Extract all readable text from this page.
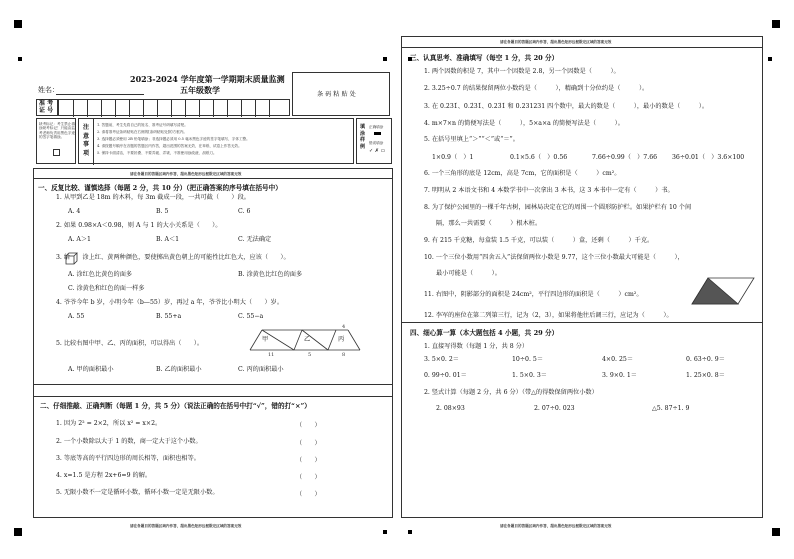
2023-2024 学年度第一学期期末质量监测
五年级数学
姓名：
条 码 粘 贴 处
准 考 证 号
缺考标记：考生禁止填涂缺考标记！只能由监考老师负责用黑色字迹的签字笔填涂。
注意事项
1. 答题前，考生先将自己的姓名、准考证号码填写清楚。
2. 请将准考证条码粘贴在右侧的[条码粘贴处]的方框内。
3. 选择题必须使用 2B 铅笔填涂；非选择题必须用 0.5 毫米黑色字迹的签字笔填写，字体工整。
4. 请按题号顺序在各题的答题区内作答，超出范围的答案无效，在草纸、试卷上作答无效。
5. 保持卡面清洁，不要折叠、不要弄破、弄皱，不准使用涂改液、刮纸刀。
填涂样例
正确填涂
错误填涂
✓ ✗ ▭
请在各题目的答题区域内作答，超出黑色矩形边框限定区域的答案无效
一、反复比较、谨慎选择（每题 2 分，共 10 分）（把正确答案的序号填在括号中）
1. 从甲到乙是 18m 的木料，每 3m 截成一段，一共可截（　　）段。
A. 4	B. 5	C. 6
2. 如果 0.98×A＜0.98，则 A 与 1 的大小关系是（　　）。
A. A＞1	B. A＜1	C. 无法确定
3. 给　　涂上红、黄两种颜色，要使掷出黄色朝上的可能性比红色大，应该（　　）。
A. 涂红色比黄色的面多	B. 涂黄色比红色的面多
C. 涂黄色和红色的面一样多
4. 爷爷今年 b 岁，小明今年（b—55）岁，再过 a 年，爷爷比小明大（　　）岁。
A. 55	B. 55+a	C. 55−a
5. 比较右图中甲、乙、丙的面积，可以得出（　　）。
A. 甲的面积最小	B. 乙的面积最小	C. 丙的面积最小
甲	乙	丙
4
11	5	8
二、仔细推敲、正确判断（每题 1 分，共 5 分）（说法正确的在括号中打“√”，错的打“×”）
1. 因为 2² = 2×2，所以 x² = x×2。	（　　）
2. 一个小数除以大于 1 的数，商一定大于这个小数。	（　　）
3. 等底等高的平行四边形的周长相等，面积也相等。	（　　）
4. x=1.5 是方程 2x+6=9 的解。	（　　）
5. 无限小数不一定是循环小数，循环小数一定是无限小数。	（　　）
请在各题目的答题区域内作答，超出黑色矩形边框限定区域的答案无效
请在各题目的答题区域内作答，超出黑色矩形边框限定区域的答案无效
三、认真思考、准确填写（每空 1 分，共 20 分）
1. 两个因数的积是 7，其中一个因数是 2.8，另一个因数是（　　　）。
2. 3.25÷0.7 的结果保留两位小数约是（　　　），精确到十分位约是（　　　）。
3. 在 0.231̇、0.2̇31̇、0.23̇1̇ 和 0.231231 四个数中，最大的数是（　　　），最小的数是（　　　）。
4. m×7×n 的简便写法是（　　　），5×a×a 的简便写法是（　　　）。
5. 在括号里填上“＞”“＜”或“＝”。
1×0.9（　）1	0.1×5.6（　）0.56	7.66÷0.99（　）7.66 36÷0.01（　）3.6×100
6. 一个三角形的底是 12cm，高是 7cm，它的面积是（　　　）cm²。
7. 明明从 2 本语文书和 4 本数学书中一次拿出 3 本书，这 3 本书中一定有（　　　）书。
8. 为了保护公园里的一棵千年古树，园林局决定在它的周围一个圆形防护栏。如果护栏有 10 个间
隔，那么一共需要（　　　）根木桩。
9. 有 215 千克糖，每盒装 1.5 千克，可以装（　　　）盒，还剩（　　　）千克。
10. 一个三位小数用“四舍五入”法保留两位小数是 9.77，这个三位小数最大可能是（　　　），
最小可能是（　　　）。
11. 右图中，阴影部分的面积是 24cm²，平行四边形的面积是（　　　）cm²。
12. 李军的座位在第二列第三行，记为（2，3），如果将他往后调三行，应记为（　　　）。
四、细心算一算（本大题包括 4 小题，共 29 分）
1. 直接写得数（每题 1 分，共 8 分）
3. 5×0. 2＝	10÷0. 5＝	4×0. 25＝	0. 63÷0. 9＝
0. 99÷0. 01＝	1. 5×0. 3＝	3. 9×0. 1＝	1. 25×0. 8＝
2. 竖式计算（每题 2 分，共 6 分）（带△的得数保留两位小数）
2. 08×93	2. 07÷0. 023	△5. 87÷1. 9
请在各题目的答题区域内作答，超出黑色矩形边框限定区域的答案无效
